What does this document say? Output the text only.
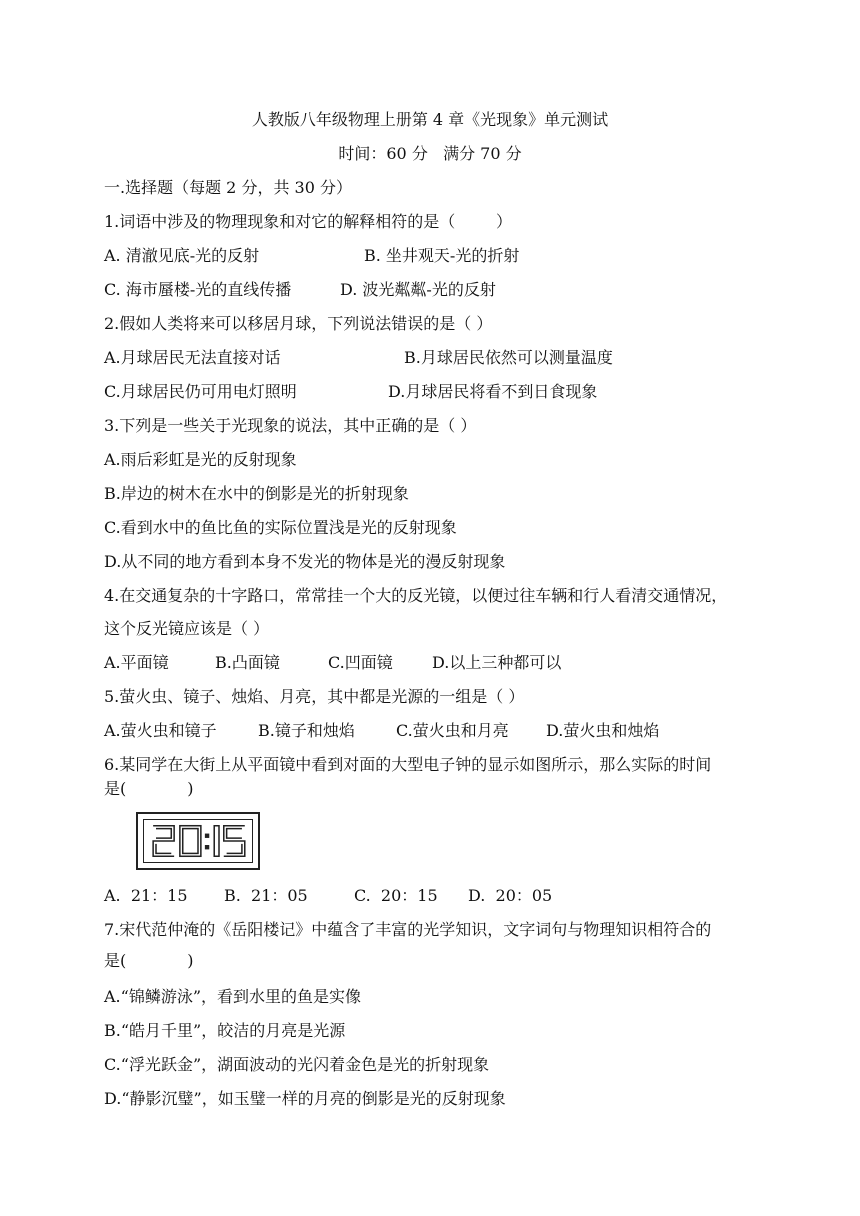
人教版八年级物理上册第 4 章《光现象》单元测试
时间：60 分   满分 70 分
一.选择题（每题 2 分，共 30 分）
1.词语中涉及的物理现象和对它的解释相符的是（        ）
A. 清澈见底-光的反射	B. 坐井观天-光的折射
C. 海市蜃楼-光的直线传播	D. 波光粼粼-光的反射
2.假如人类将来可以移居月球，下列说法错误的是（ ）
A.月球居民无法直接对话	B.月球居民依然可以测量温度
C.月球居民仍可用电灯照明	D.月球居民将看不到日食现象
3.下列是一些关于光现象的说法，其中正确的是（ ）
A.雨后彩虹是光的反射现象
B.岸边的树木在水中的倒影是光的折射现象
C.看到水中的鱼比鱼的实际位置浅是光的反射现象
D.从不同的地方看到本身不发光的物体是光的漫反射现象
4.在交通复杂的十字路口，常常挂一个大的反光镜，以便过往车辆和行人看清交通情况，
这个反光镜应该是（ ）
A.平面镜	B.凸面镜	C.凹面镜 D.以上三种都可以
5.萤火虫、镜子、烛焰、月亮，其中都是光源的一组是（ ）
A.萤火虫和镜子	B.镜子和烛焰	C.萤火虫和月亮 D.萤火虫和烛焰
6.某同学在大街上从平面镜中看到对面的大型电子钟的显示如图所示，那么实际的时间
是(            )
A.  21：15 B.  21：05	C.  20：15 D.  20：05
7.宋代范仲淹的《岳阳楼记》中蕴含了丰富的光学知识，文字词句与物理知识相符合的
是(            )
A.“锦鳞游泳”，看到水里的鱼是实像
B.“皓月千里”，皎洁的月亮是光源
C.“浮光跃金”，湖面波动的光闪着金色是光的折射现象
D.“静影沉璧”，如玉璧一样的月亮的倒影是光的反射现象
